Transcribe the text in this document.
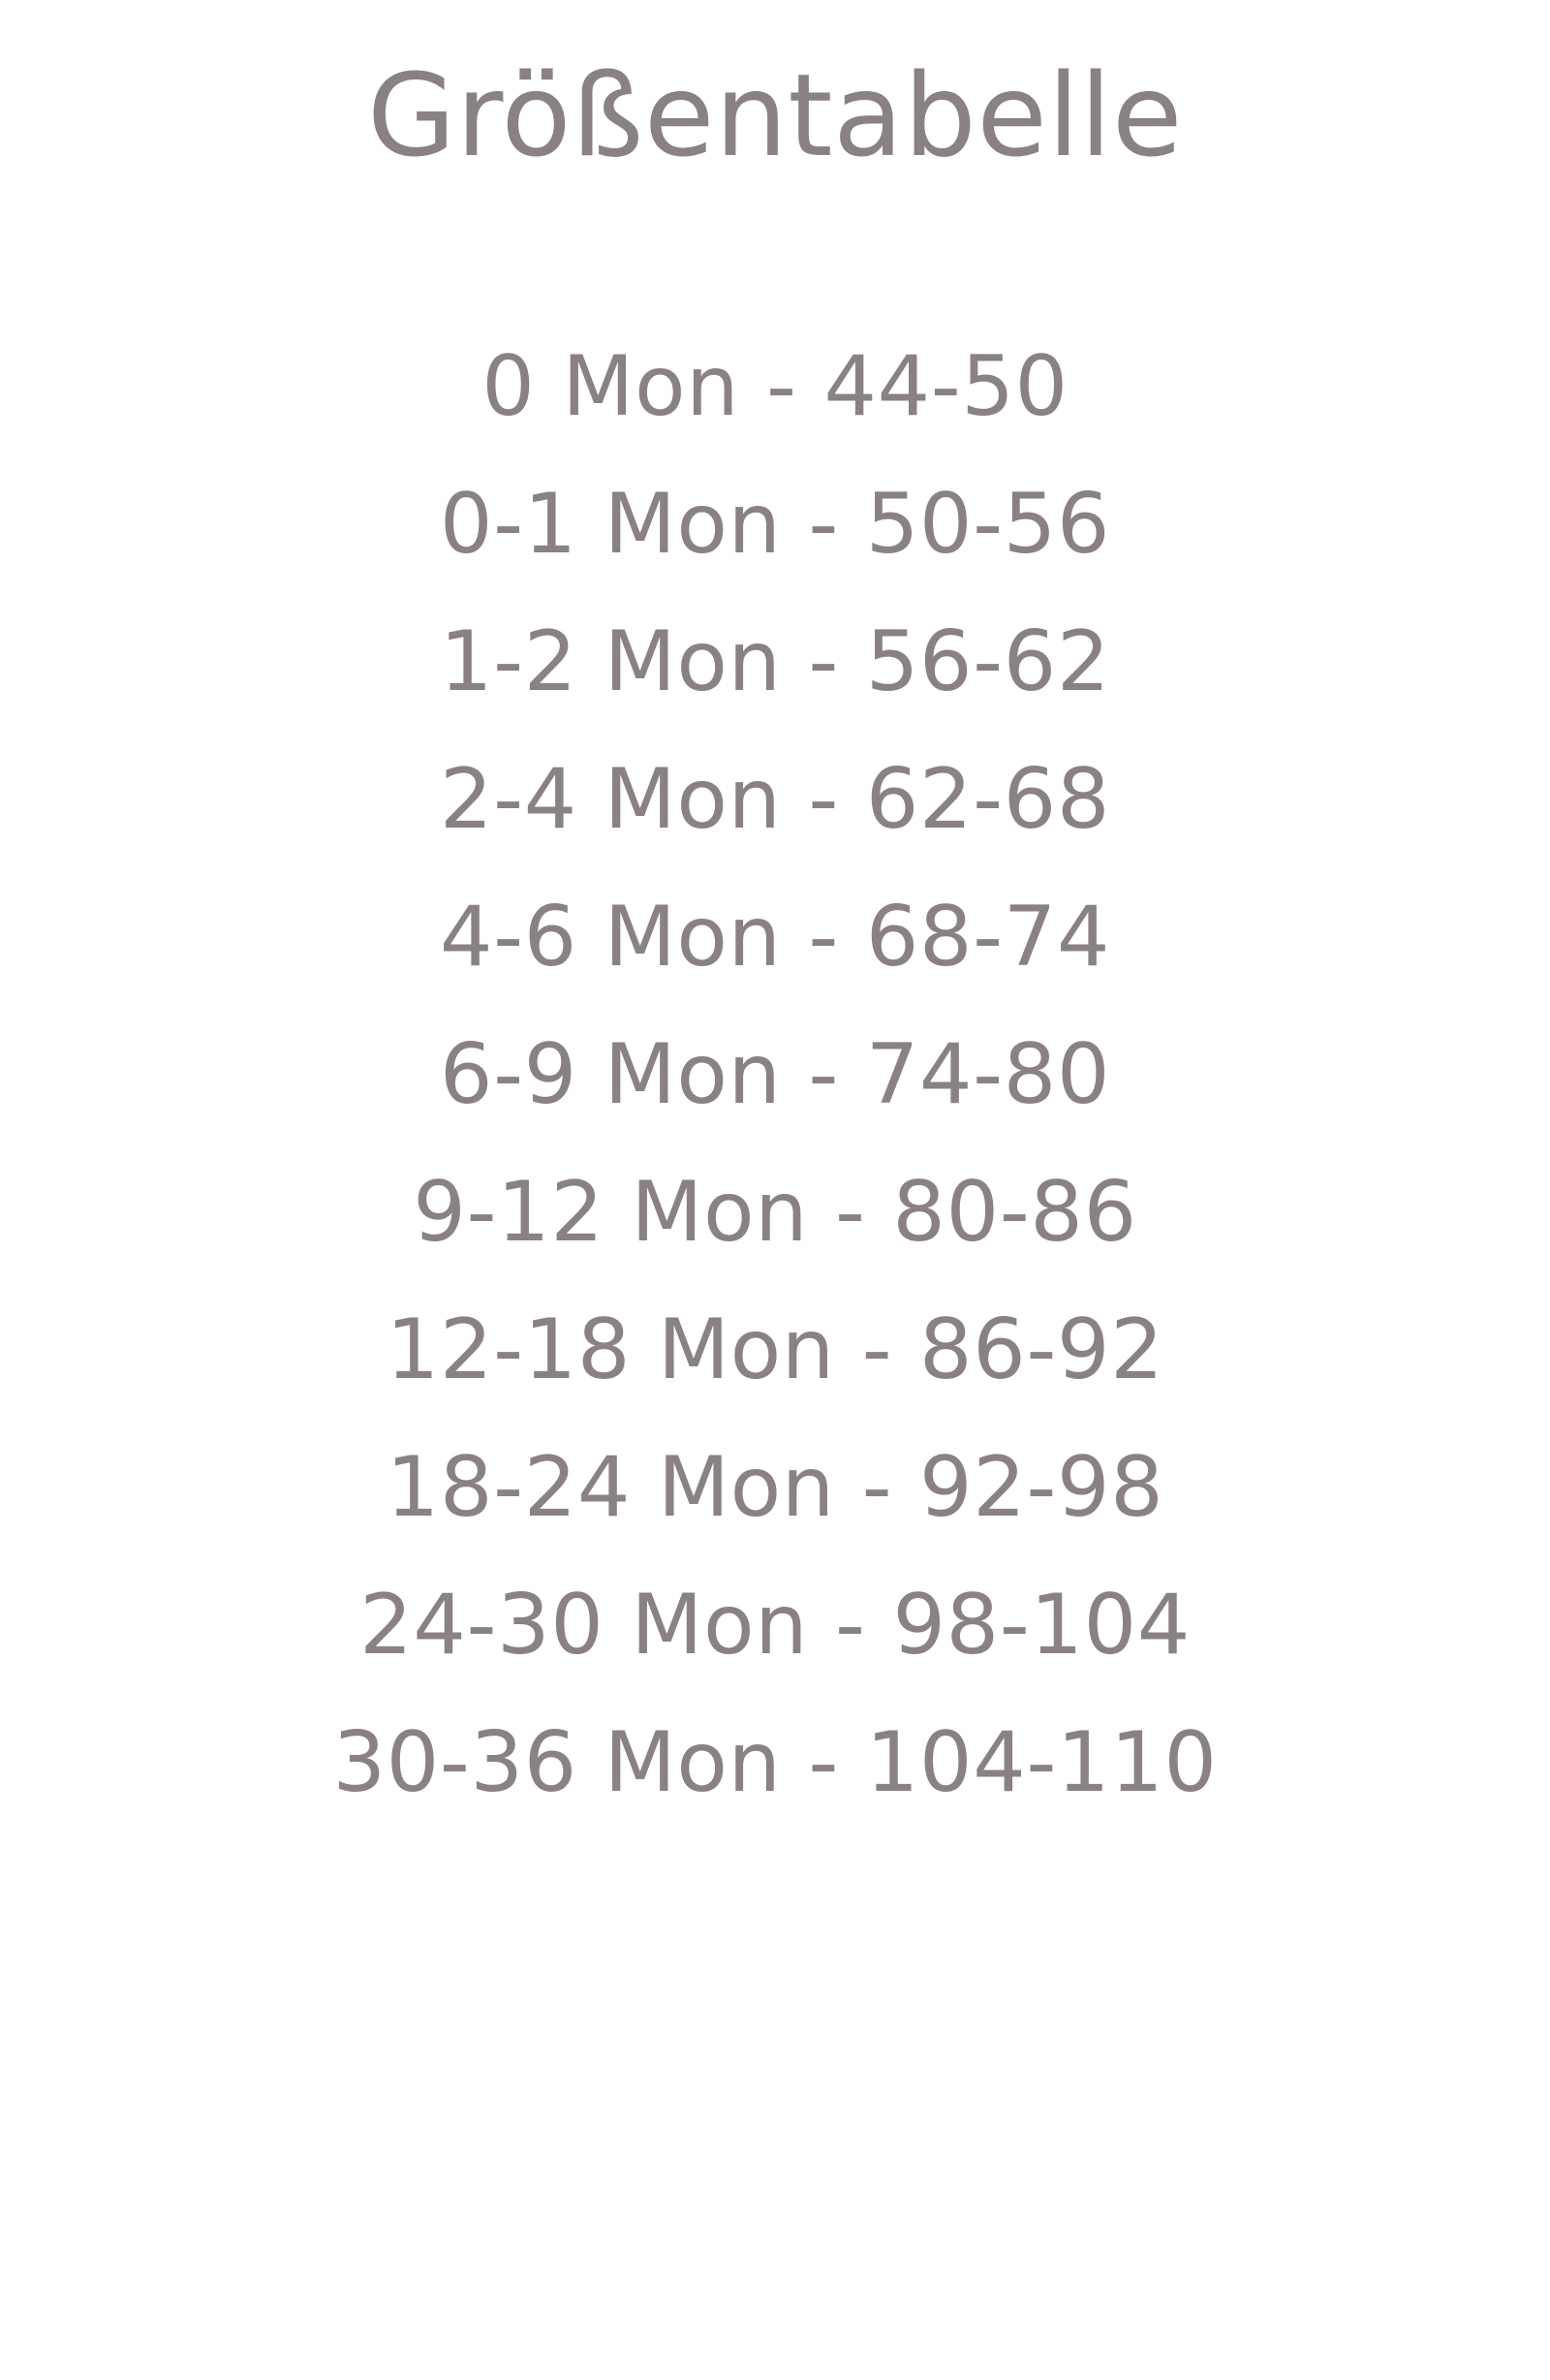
Größentabelle
0 Mon - 44-50
0-1 Mon - 50-56
1-2 Mon - 56-62
2-4 Mon - 62-68
4-6 Mon - 68-74
6-9 Mon - 74-80
9-12 Mon - 80-86
12-18 Mon - 86-92
18-24 Mon - 92-98
24-30 Mon - 98-104
30-36 Mon - 104-110
